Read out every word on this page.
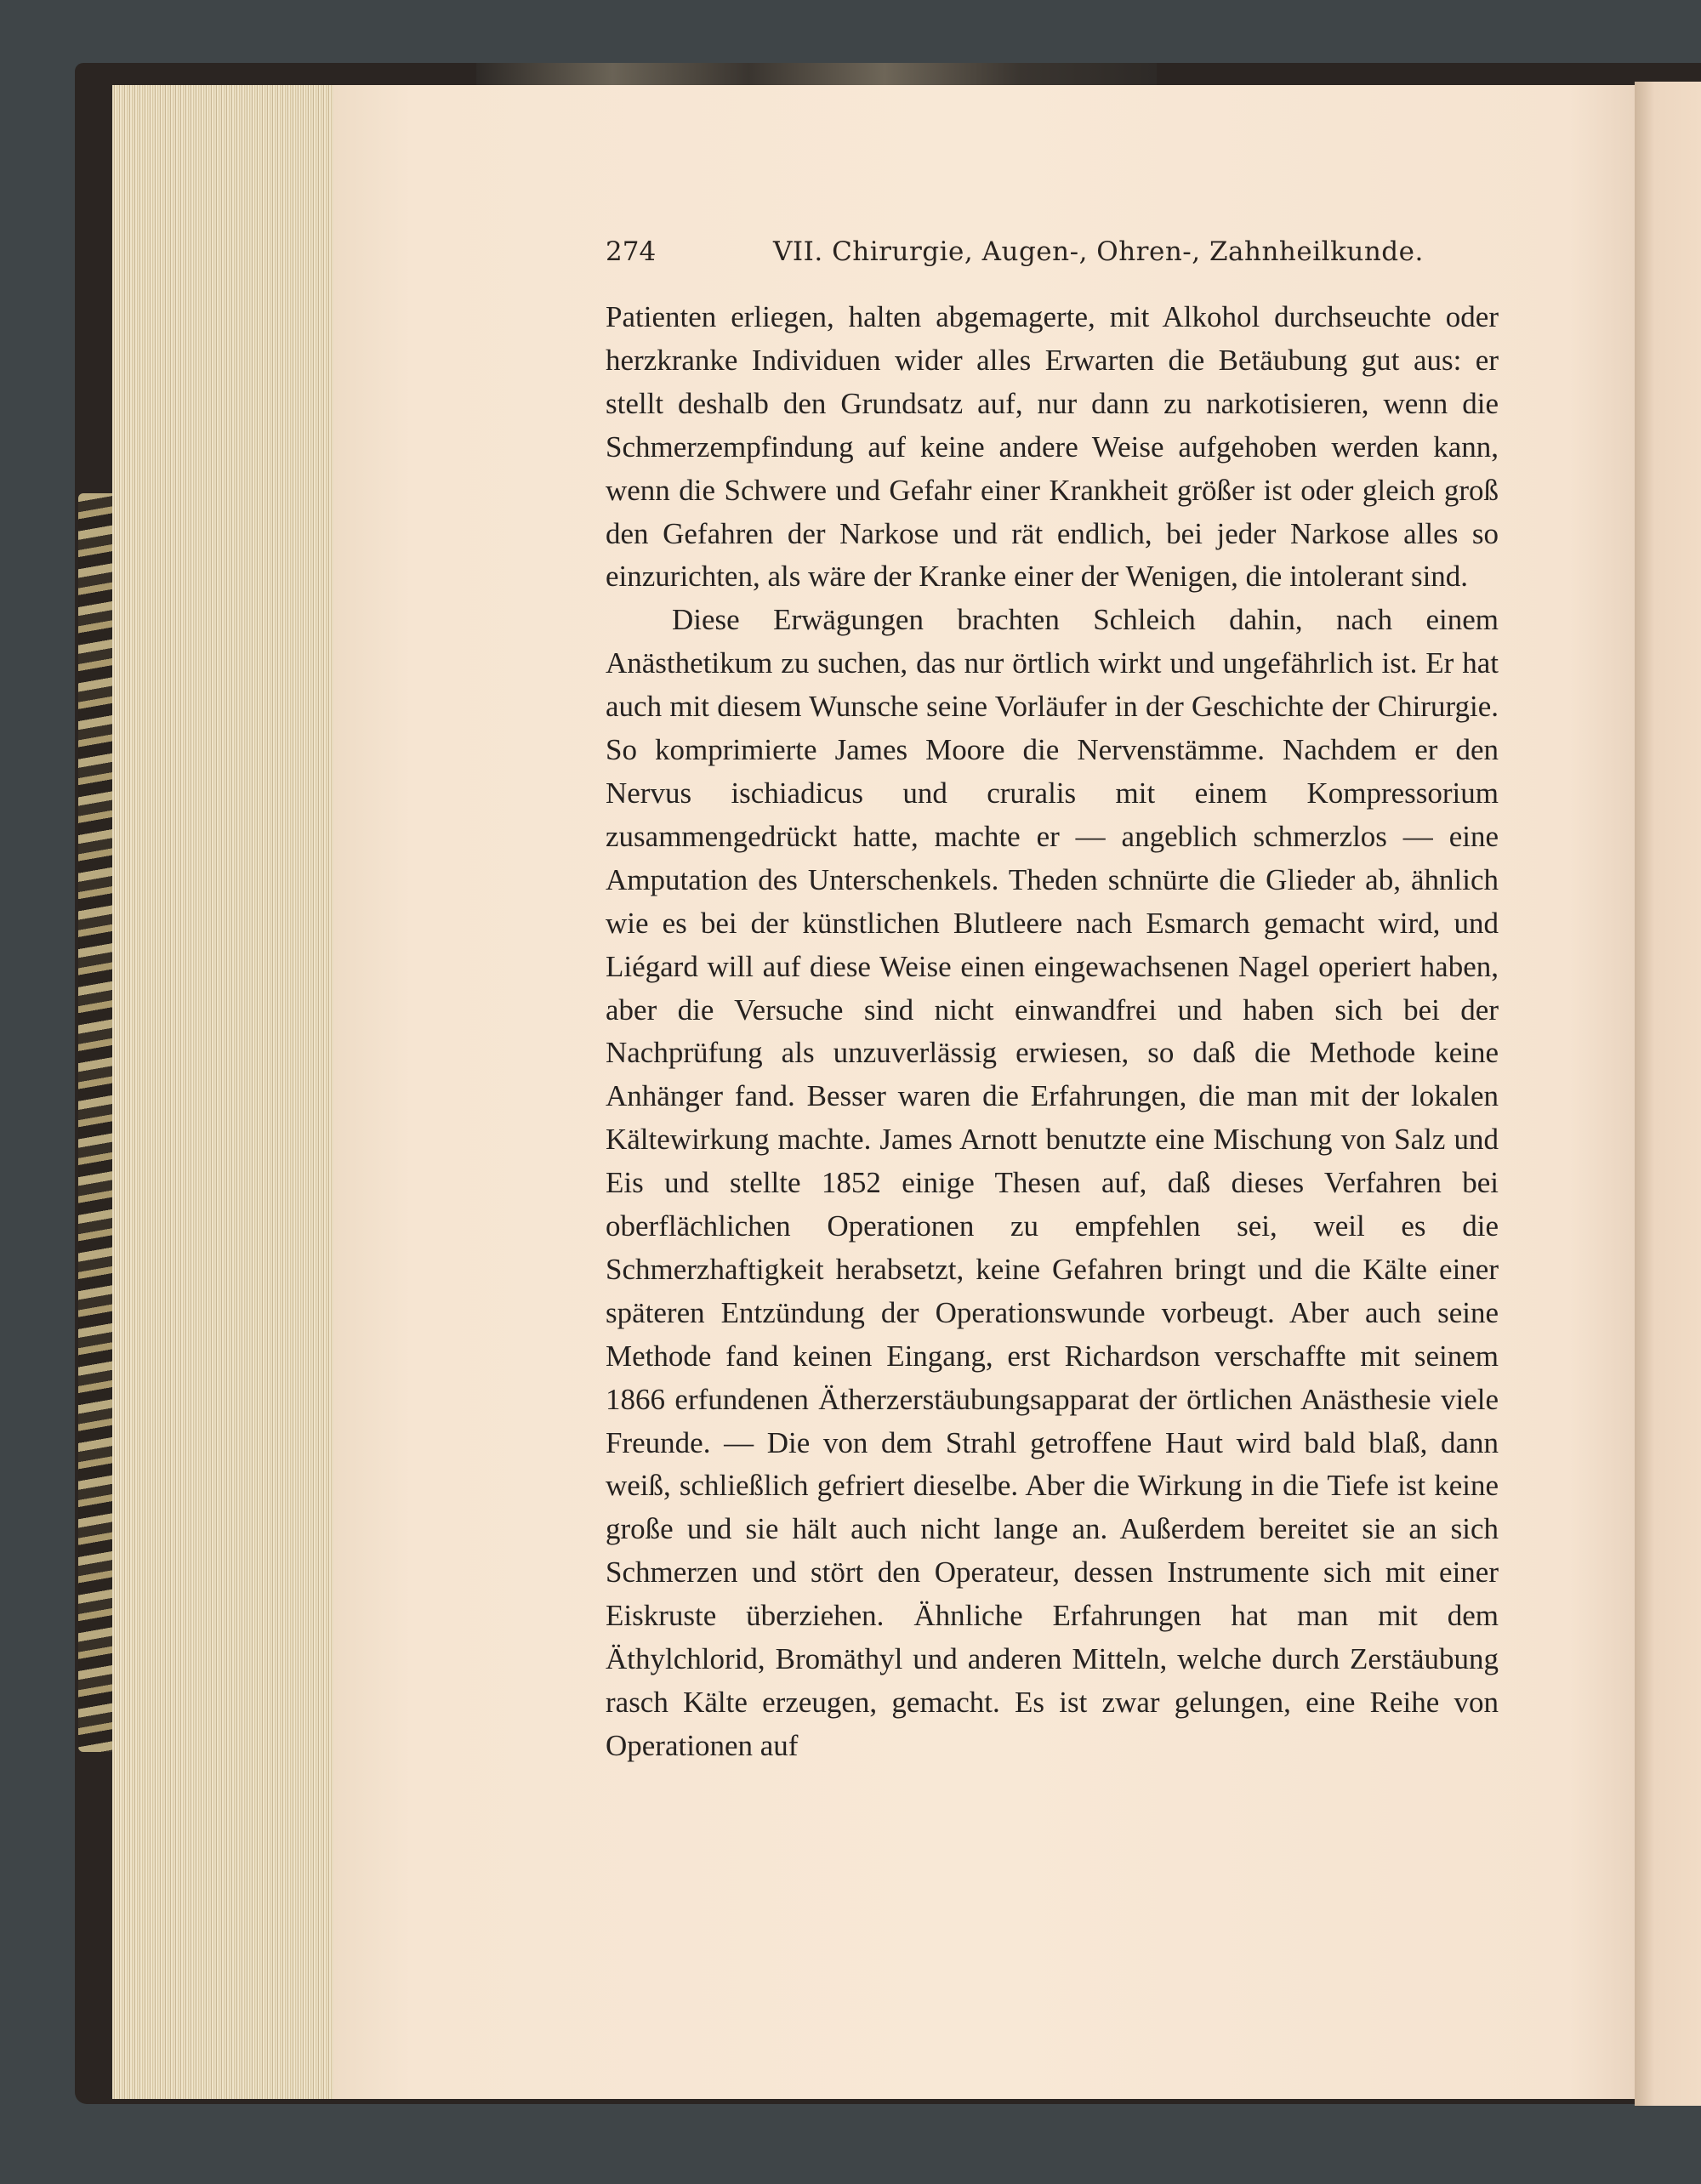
274	VII. Chirurgie, Augen-, Ohren-, Zahnheilkunde.

Patienten erliegen, halten abgemagerte, mit Alkohol durchseuchte oder herzkranke Individuen wider alles Erwarten die Betäubung gut aus: er stellt deshalb den Grundsatz auf, nur dann zu narkotisieren, wenn die Schmerzempfindung auf keine andere Weise aufgehoben werden kann, wenn die Schwere und Gefahr einer Krankheit größer ist oder gleich groß den Gefahren der Narkose und rät endlich, bei jeder Narkose alles so einzurichten, als wäre der Kranke einer der Wenigen, die intolerant sind.

Diese Erwägungen brachten Schleich dahin, nach einem Anästhetikum zu suchen, das nur örtlich wirkt und ungefährlich ist. Er hat auch mit diesem Wunsche seine Vorläufer in der Geschichte der Chirurgie. So komprimierte James Moore die Nervenstämme. Nachdem er den Nervus ischiadicus und cruralis mit einem Kompressorium zusammengedrückt hatte, machte er — angeblich schmerzlos — eine Amputation des Unterschenkels. Theden schnürte die Glieder ab, ähnlich wie es bei der künstlichen Blutleere nach Esmarch gemacht wird, und Liégard will auf diese Weise einen eingewachsenen Nagel operiert haben, aber die Versuche sind nicht einwandfrei und haben sich bei der Nachprüfung als unzuverlässig erwiesen, so daß die Methode keine Anhänger fand. Besser waren die Erfahrungen, die man mit der lokalen Kältewirkung machte. James Arnott benutzte eine Mischung von Salz und Eis und stellte 1852 einige Thesen auf, daß dieses Verfahren bei oberflächlichen Operationen zu empfehlen sei, weil es die Schmerzhaftigkeit herabsetzt, keine Gefahren bringt und die Kälte einer späteren Entzündung der Operationswunde vorbeugt. Aber auch seine Methode fand keinen Eingang, erst Richardson verschaffte mit seinem 1866 erfundenen Ätherzerstäubungsapparat der örtlichen Anästhesie viele Freunde. — Die von dem Strahl getroffene Haut wird bald blaß, dann weiß, schließlich gefriert dieselbe. Aber die Wirkung in die Tiefe ist keine große und sie hält auch nicht lange an. Außerdem bereitet sie an sich Schmerzen und stört den Operateur, dessen Instrumente sich mit einer Eiskruste überziehen. Ähnliche Erfahrungen hat man mit dem Äthylchlorid, Bromäthyl und anderen Mitteln, welche durch Zerstäubung rasch Kälte erzeugen, gemacht. Es ist zwar gelungen, eine Reihe von Operationen auf
